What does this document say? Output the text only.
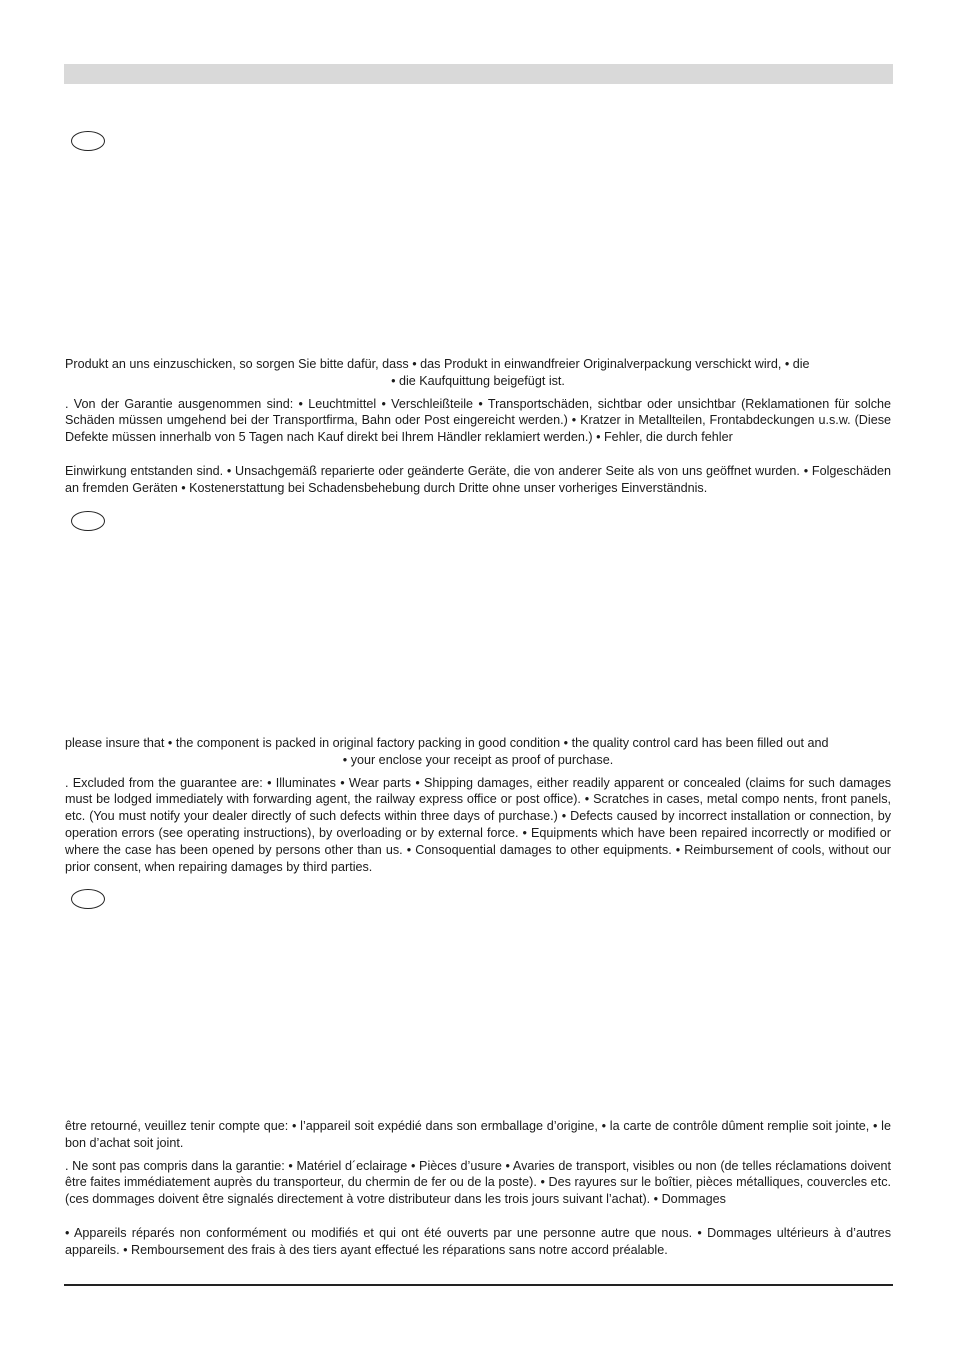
Produkt an uns einzuschicken, so sorgen Sie bitte dafür, dass • das Produkt in einwandfreier Originalverpackung verschickt wird, • die

• die Kaufquittung beigefügt ist.

. Von der Garantie ausgenommen sind: • Leuchtmittel • Verschleißteile • Transportschäden, sichtbar oder unsichtbar (Reklamationen für solche Schäden müssen umgehend bei der Transportfirma, Bahn oder Post eingereicht werden.) • Kratzer in Metallteilen, Frontabdeckungen u.s.w. (Diese Defekte müssen innerhalb von 5 Tagen nach Kauf direkt bei Ihrem Händler reklamiert werden.) • Fehler, die durch fehler

Einwirkung entstanden sind. • Unsachgemäß reparierte oder geänderte Geräte, die von anderer Seite als von uns geöffnet wurden. • Folgeschäden an fremden Geräten • Kostenerstattung bei Schadensbehebung durch Dritte ohne unser vorheriges Einverständnis.

please insure that • the component is packed in original factory packing in good condition • the quality control card has been filled out and

• your enclose your receipt as proof of purchase.

. Excluded from the guarantee are: • Illuminates • Wear parts • Shipping damages, either readily apparent or concealed (claims for such damages must be lodged immediately with forwarding agent, the railway express office or post office). • Scratches in cases, metal compo nents, front panels, etc. (You must notify your dealer directly of such defects within three days of purchase.) • Defects caused by incorrect installation or connection, by operation errors (see operating instructions), by overloading or by external force. • Equipments which have been repaired incorrectly or modified or where the case has been opened by persons other than us. • Consoquential damages to other equipments. • Reimbursement of cools, without our prior consent, when repairing damages by third parties.

être retourné, veuillez tenir compte que: • l’appareil soit expédié dans son ermballage d’origine, • la carte de contrôle dûment remplie soit jointe, • le bon d’achat soit joint.

. Ne sont pas compris dans la garantie: • Matériel d´eclairage • Pièces d’usure • Avaries de transport, visibles ou non (de telles réclamations doivent être faites immédiatement auprès du transporteur, du chermin de fer ou de la poste). • Des rayures sur le boîtier, pièces métalliques, couvercles etc. (ces dommages doivent être signalés directement à votre distributeur dans les trois jours suivant l’achat). • Dommages

• Appareils réparés non conformément ou modifiés et qui ont été ouverts par une personne autre que nous. • Dommages ultérieurs à d’autres appareils. • Remboursement des frais à des tiers ayant effectué les réparations sans notre accord préalable.
